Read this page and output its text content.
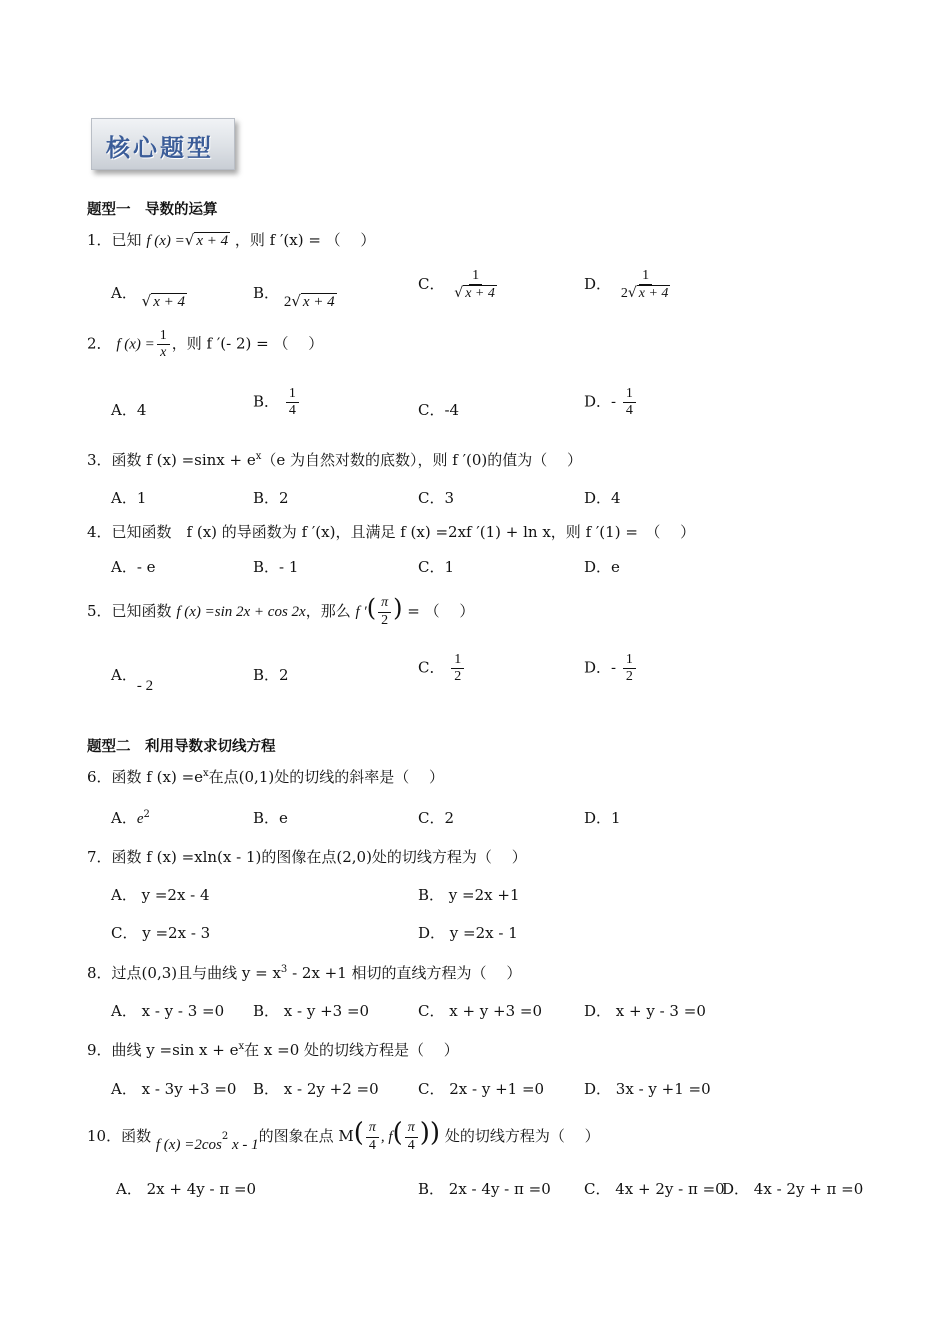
核心题型
题型一　导数的运算
1．已知 f (x) =√ x + 4 ，则 f ′(x) = （　 ）
A． √ x + 4	B． 2√ x + 4
C． $\frac{1}{√ x + 4}$	D． $\frac{1}{2√ x + 4}$
2． f $(x) = \frac{1}{x}$ ，则 f ′(- 2) = （　 ）
A．4	B． $\frac{1}{4}$	C．-4	D．- $\frac{1}{4}$
3．函数 f $(x) =\sin x + e^x(e$ 为自然对数的底数），则 f ′(0)的值为（　 ）
A．1	B．2	C．3	D．4
4．已知函数　f (x) 的导函数为 f ′(x)，且满足 f (x) =2xf ′(1) + ln x，则 f ′(1) =　（　 ）
A．- e	B．- 1	C．1	D．e
5．已知函数 f (x) =sin 2x + cos 2x，那么 f ′( $\frac{\pi}{2}$ ) = （　 ）
A．- 2
B．2	C． $\frac{1}{2}$	D．- $\frac{1}{2}$
题型二　利用导数求切线方程
6．函数 f $(x) =e^x$在点(0,1)处的切线的斜率是（　 ）
A．$e^2$	B．e	C．2	D．1
7．函数 f (x) =xln(x - 1)的图像在点(2,0)处的切线方程为（　 ）
A． y =2x - 4	B． y =2x +1
C． y =2x - 3	D． y =2x - 1
8．过点(0,3)且与曲线 $y = x^3 - 2x +1$ 相切的直线方程为（　 ）
A． x - y - 3 =0 B． x - y +3 =0	C． x + y +3 =0	D． x + y - 3 =0
9．曲线 y =sin $x + e^x$在 x =0 处的切线方程是（　 ）
A． x - 3y +3 =0 B． x - 2y +2 =0	C． 2x - y +1 =0	D． 3x - y +1 =0
10．函数 f $(x) =2\cos^2$ x - 1的图象在点 $M( \frac{\pi}{4}$ , $f( \frac{\pi}{4}$ )) 处的切线方程为（　 ）
A． 2x + 4y - π =0	B． 2x - 4y - π =0 C． 4x + 2y - π =0
D． 4x - 2y + π =0
